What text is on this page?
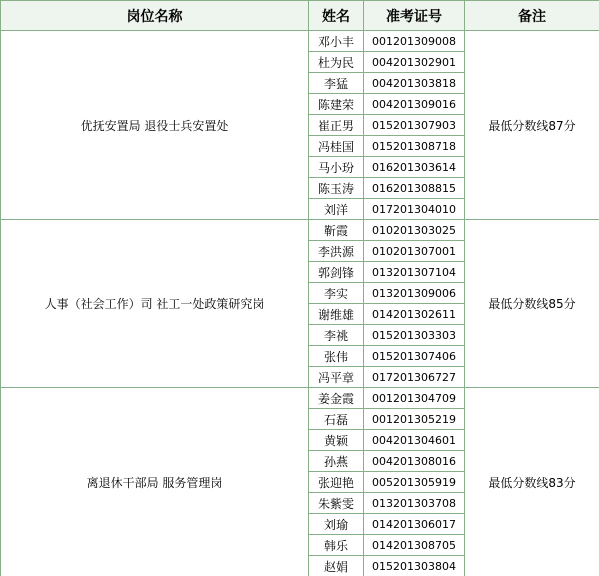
岗位名称	姓名	准考证号	备注
优抚安置局 退役士兵安置处	邓小丰	001201309008	最低分数线87分
	杜为民	004201302901	
	李猛	004201303818	
	陈建荣	004201309016	
	崔正男	015201307903	
	冯桂国	015201308718	
	马小玢	016201303614	
	陈玉涛	016201308815	
	刘洋	017201304010	
人事（社会工作）司 社工一处政策研究岗	靳霞	010201303025	最低分数线85分
	李洪源	010201307001	
	郭剑锋	013201307104	
	李实	013201309006	
	谢维雄	014201302611	
	李祧	015201303303	
	张伟	015201307406	
	冯平章	017201306727	
离退休干部局 服务管理岗	姜金霞	001201304709	最低分数线83分
	石磊	001201305219	
	黄颖	004201304601	
	孙燕	004201308016	
	张迎艳	005201305919	
	朱紫雯	013201303708	
	刘瑜	014201306017	
	韩乐	014201308705	
	赵娟	015201303804	
